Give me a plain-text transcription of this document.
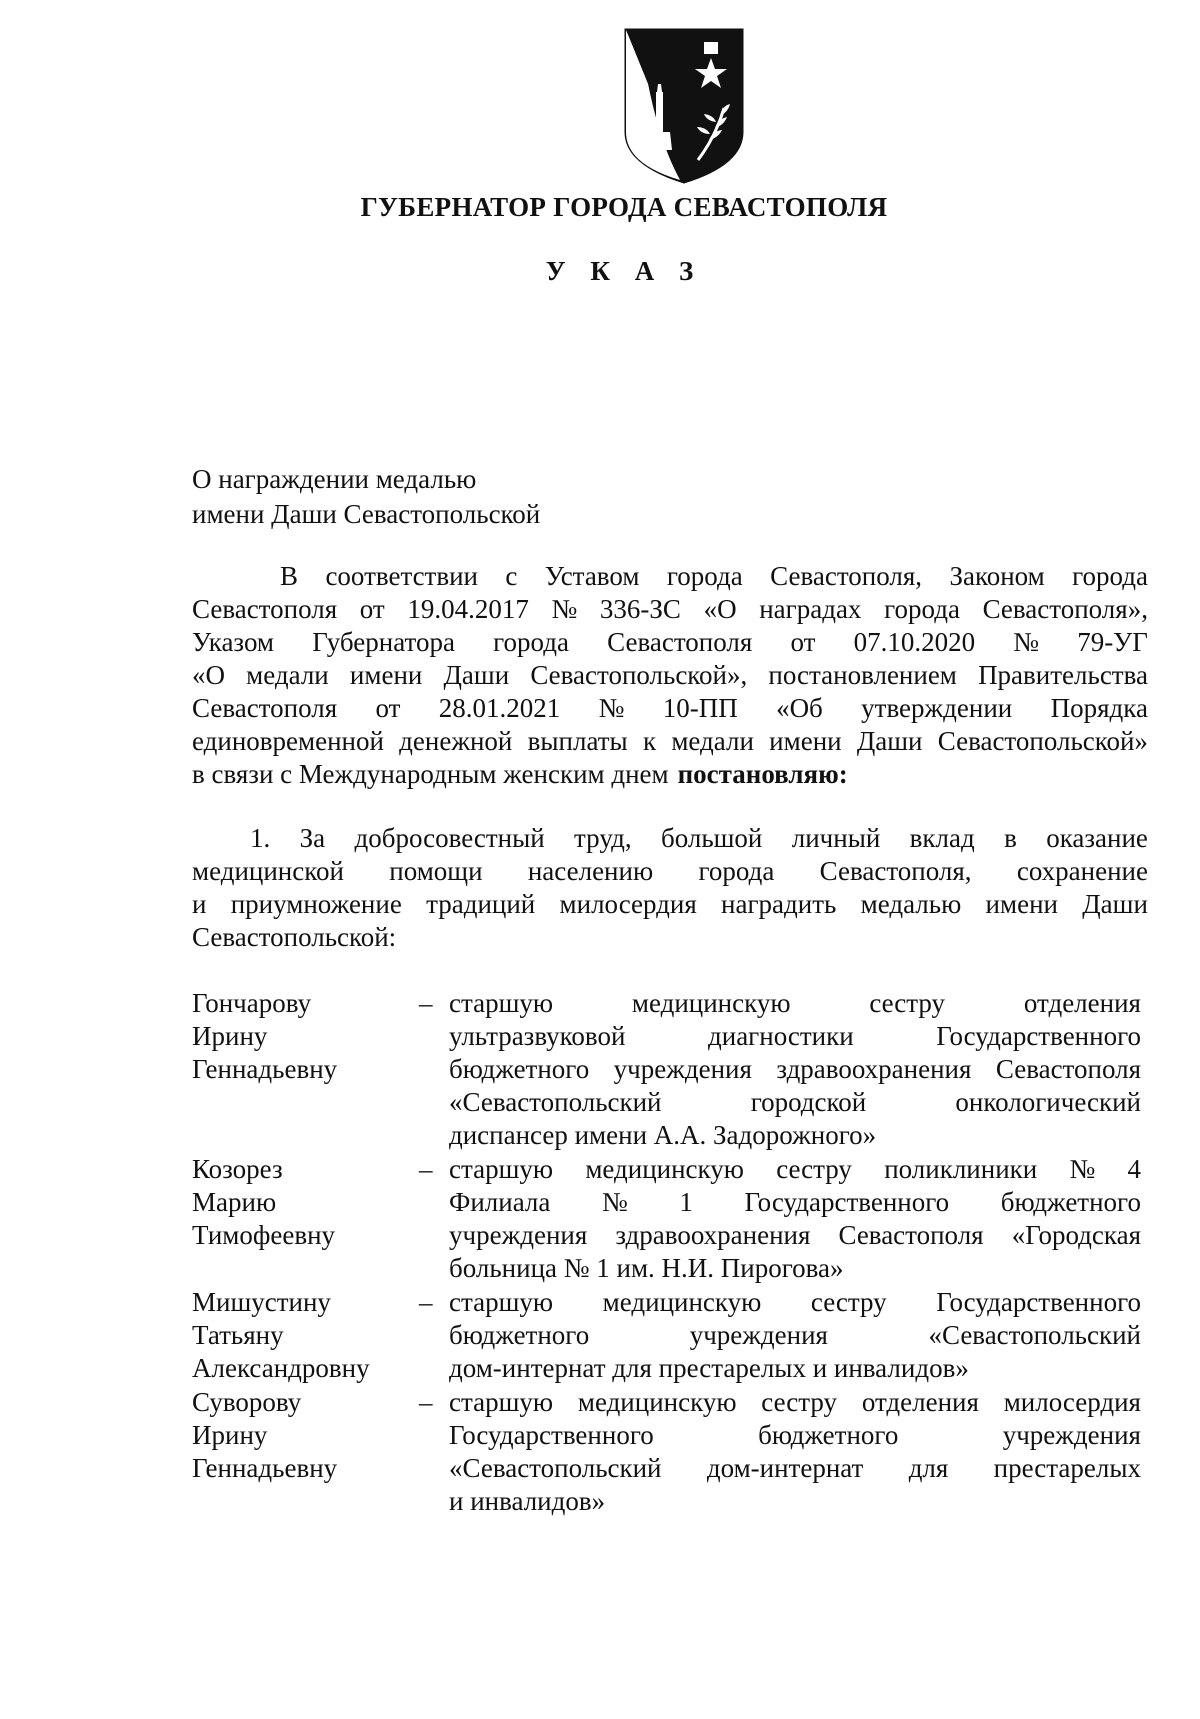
ГУБЕРНАТОР ГОРОДА СЕВАСТОПОЛЯ
У К А З
О награждении медалью
имени Даши Севастопольской
В соответствии с Уставом города Севастополя, Законом города
Севастополя от 19.04.2017 № 336-ЗС «О наградах города Севастополя»,
Указом Губернатора города Севастополя от 07.10.2020 № 79-УГ
«О медали имени Даши Севастопольской», постановлением Правительства
Севастополя от 28.01.2021 № 10-ПП «Об утверждении Порядка
единовременной денежной выплаты к медали имени Даши Севастопольской»
в связи с Международным женским днем постановляю:
1. За добросовестный труд, большой личный вклад в оказание
медицинской помощи населению города Севастополя, сохранение
и приумножение традиций милосердия наградить медалью имени Даши
Севастопольской:
Гончарову
Ирину
Геннадьевну
– старшую	медицинскую	сестру	отделения
ультразвуковой	диагностики	Государственного
бюджетного учреждения здравоохранения Севастополя
«Севастопольский	городской	онкологический
диспансер имени А.А. Задорожного»
Козорез
Марию
Тимофеевну
– старшую медицинскую сестру поликлиники № 4
Филиала № 1 Государственного бюджетного
учреждения здравоохранения Севастополя «Городская
больница № 1 им. Н.И. Пирогова»
Мишустину
Татьяну
Александровну
– старшую медицинскую сестру Государственного
бюджетного	учреждения	«Севастопольский
дом-интернат для престарелых и инвалидов»
Суворову
Ирину
Геннадьевну
– старшую медицинскую сестру отделения милосердия
Государственного	бюджетного	учреждения
«Севастопольский дом-интернат для престарелых
и инвалидов»
